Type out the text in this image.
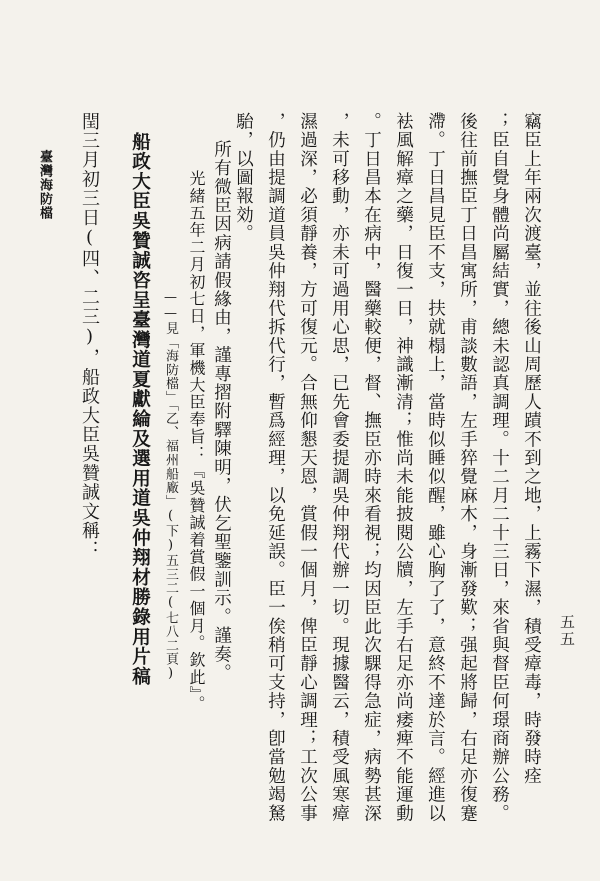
五五
竊臣上年兩次渡臺，並往後山周歷人蹟不到之地，上霧下濕，積受瘴毒，時發時痊
；臣自覺身體尚屬結實，總未認真調理。十二月二十三日，來省與督臣何璟商辦公務。
後往前撫臣丁日昌寓所，甫談數語，左手猝覺麻木，身漸發歎；强起將歸，右足亦復蹇
滯。丁日昌見臣不支，扶就榻上，當時似睡似醒，雖心胸了了，意終不達於言。經進以
袪風解瘴之藥，日復一日，神識漸清；惟尚未能披閱公牘，左手右足亦尚痿痺不能運動
。丁日昌本在病中，醫藥較便，督、撫臣亦時來看視；均因臣此次騍得急症，病勢甚深
，未可移動，亦未可過用心思，已先會委提調吳仲翔代辦一切。現據醫云，積受風寒瘴
濕過深，必須靜養，方可復元。合無仰懇天恩，賞假一個月，俾臣靜心調理；工次公事
，仍由提調道員吳仲翔代拆代行，暫爲經理，以免延誤。臣一俟稍可支持，卽當勉竭駑
駘，以圖報効。
所有微臣因病請假緣由，謹專摺附驛陳明，伏乞聖鑒訓示。謹奏。
光緒五年二月初七日，軍機大臣奉旨：『吳贊誠着賞假一個月。欽此』。
——見「海防檔」「乙、福州船廠」(下)五三二(七八二頁)
船政大臣吳贊誠咨呈臺灣道夏獻綸及選用道吳仲翔材勝錄用片稿
閏三月初三日(四、二三)，船政大臣吳贊誠文稱：
臺灣海防檔
